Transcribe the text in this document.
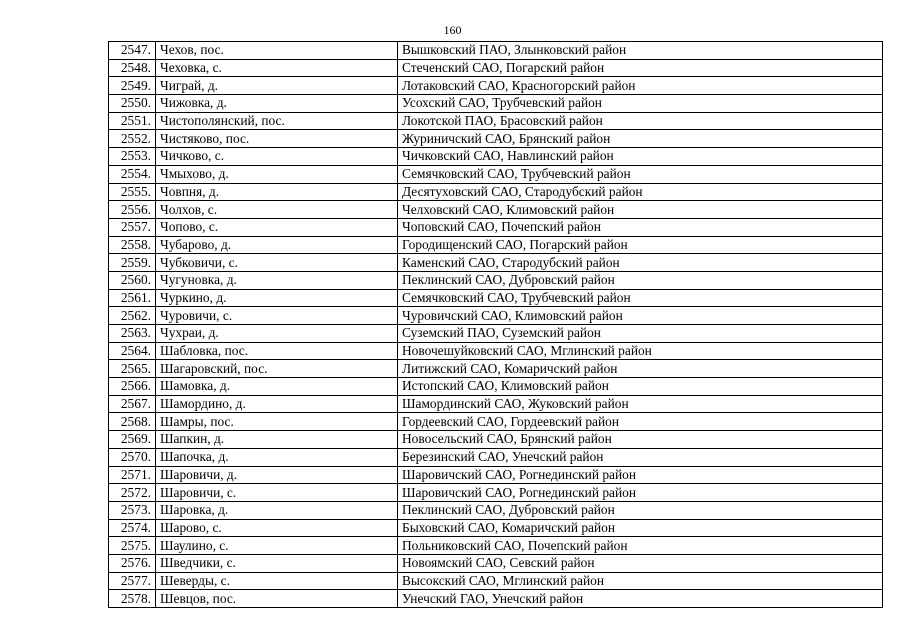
160
2547.	Чехов, пос.	Вышковский ПАО, Злынковский район
2548.	Чеховка, с.	Стеченский САО, Погарский район
2549.	Чиграй, д.	Лотаковский САО, Красногорский район
2550.	Чижовка, д.	Усохский САО, Трубчевский район
2551.	Чистополянский, пос.	Локотской ПАО, Брасовский район
2552.	Чистяково, пос.	Журиничский САО, Брянский район
2553.	Чичково, с.	Чичковский САО, Навлинский район
2554.	Чмыхово, д.	Семячковский САО, Трубчевский район
2555.	Човпня, д.	Десятуховский САО, Стародубский район
2556.	Чолхов, с.	Челховский САО, Климовский район
2557.	Чопово, с.	Чоповский САО, Почепский район
2558.	Чубарово, д.	Городищенский САО, Погарский район
2559.	Чубковичи, с.	Каменский САО, Стародубский район
2560.	Чугуновка, д.	Пеклинский САО, Дубровский район
2561.	Чуркино, д.	Семячковский САО, Трубчевский район
2562.	Чуровичи, с.	Чуровичский САО, Климовский район
2563.	Чухраи, д.	Суземский ПАО, Суземский район
2564.	Шабловка, пос.	Новочешуйковский САО, Мглинский район
2565.	Шагаровский, пос.	Литижский САО, Комаричский район
2566.	Шамовка, д.	Истопский САО, Климовский район
2567.	Шамордино, д.	Шамординский САО, Жуковский район
2568.	Шамры, пос.	Гордеевский САО, Гордеевский район
2569.	Шапкин, д.	Новосельский САО, Брянский район
2570.	Шапочка, д.	Березинский САО, Унечский район
2571.	Шаровичи, д.	Шаровичский САО, Рогнединский район
2572.	Шаровичи, с.	Шаровичский САО, Рогнединский район
2573.	Шаровка, д.	Пеклинский САО, Дубровский район
2574.	Шарово, с.	Быховский САО, Комаричский район
2575.	Шаулино, с.	Польниковский САО, Почепский район
2576.	Шведчики, с.	Новоямский САО, Севский район
2577.	Шеверды, с.	Высокский САО, Мглинский район
2578.	Шевцов, пос.	Унечский ГАО, Унечский район
